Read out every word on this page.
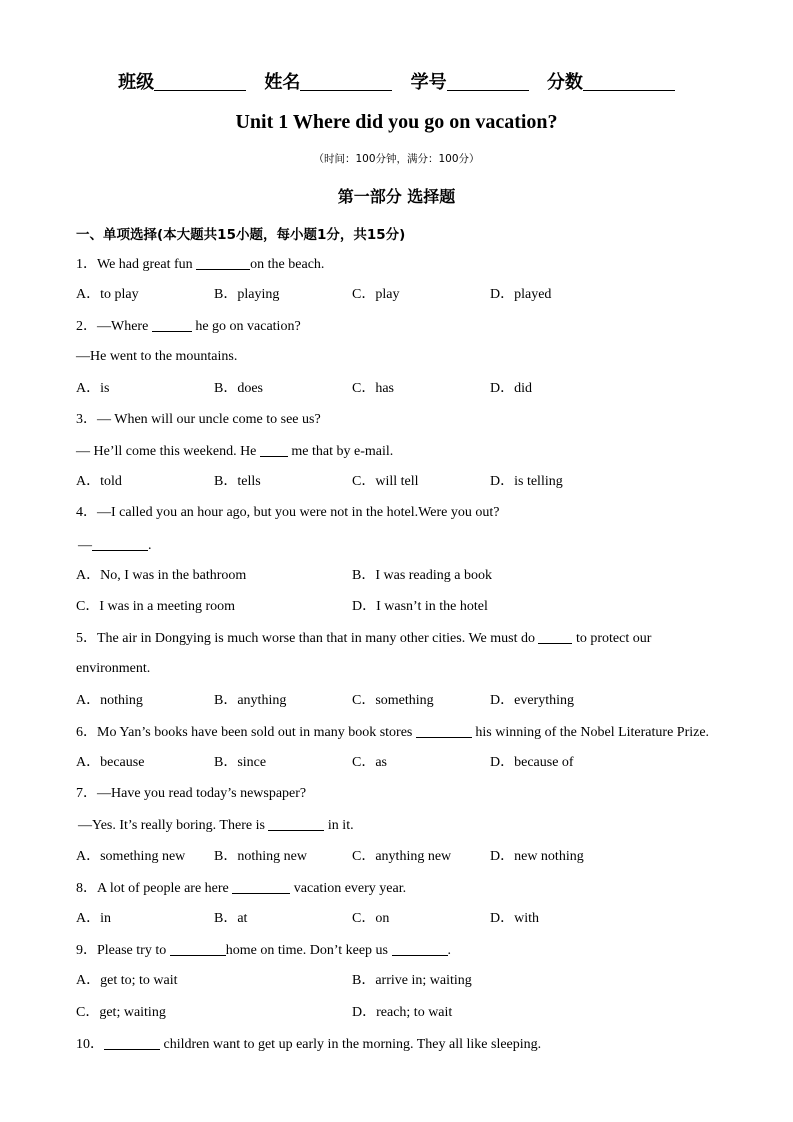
班级	姓名	学号	分数
Unit 1 Where did you go on vacation?
（时间：100分钟，满分：100分）
第一部分 选择题
一、单项选择(本大题共15小题，每小题1分，共15分)
1．We had great fun	on the beach.
A．to play	B．playing	C．play	D．played
2．—Where	he go on vacation?
—He went to the mountains.
A．is	B．does	C．has	D．did
3．— When will our uncle come to see us?
— He’ll come this weekend. He  me that by e-mail.
A．told	B．tells	C．will tell	D．is telling
4．—I called you an hour ago, but you were not in the hotel.Were you out?
—	.
A．No, I was in the bathroom	B．I was reading a book
C．I was in a meeting room	D．I wasn’t in the hotel
5．The air in Dongying is much worse than that in many other cities. We must do  to protect our
environment.
A．nothing	B．anything	C．something	D．everything
6．Mo Yan’s books have been sold out in many book stores	his winning of the Nobel Literature Prize.
A．because	B．since	C．as	D．because of
7．—Have you read today’s newspaper?
—Yes. It’s really boring. There is	in it.
A．something new B．nothing new	C．anything new	D．new nothing
8．A lot of people are here	vacation every year.
A．in	B．at	C．on	D．with
9．Please try to	home on time. Don’t keep us	.
A．get to; to wait	B．arrive in; waiting
C．get; waiting	D．reach; to wait
10．	children want to get up early in the morning. They all like sleeping.
